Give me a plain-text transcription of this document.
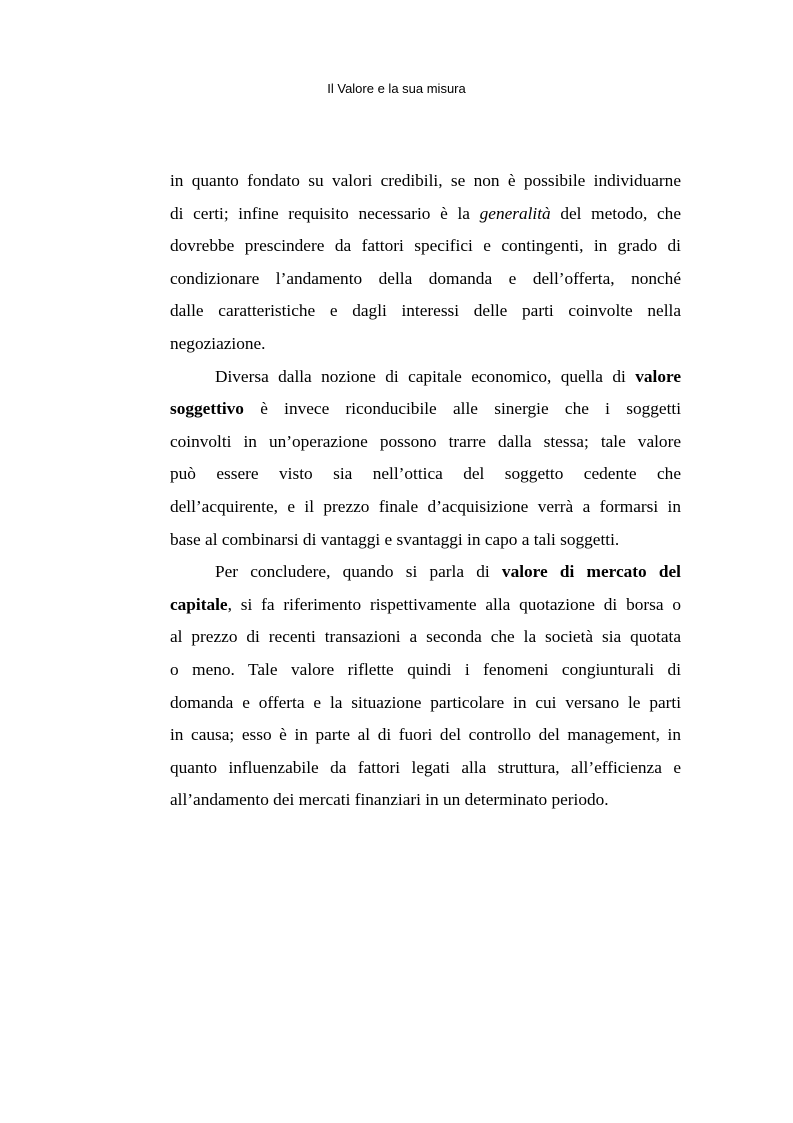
Il Valore e la sua misura
in quanto fondato su valori credibili, se non è possibile individuarne
di certi; infine requisito necessario è la generalità del metodo, che
dovrebbe prescindere da fattori specifici e contingenti, in grado di
condizionare l’andamento della domanda e dell’offerta, nonché
dalle caratteristiche e dagli interessi delle parti coinvolte nella
negoziazione.
Diversa dalla nozione di capitale economico, quella di valore
soggettivo è invece riconducibile alle sinergie che i soggetti
coinvolti in un’operazione possono trarre dalla stessa; tale valore
può essere visto sia nell’ottica del soggetto cedente che
dell’acquirente, e il prezzo finale d’acquisizione verrà a formarsi in
base al combinarsi di vantaggi e svantaggi in capo a tali soggetti.
Per concludere, quando si parla di valore di mercato del
capitale, si fa riferimento rispettivamente alla quotazione di borsa o
al prezzo di recenti transazioni a seconda che la società sia quotata
o meno. Tale valore riflette quindi i fenomeni congiunturali di
domanda e offerta e la situazione particolare in cui versano le parti
in causa; esso è in parte al di fuori del controllo del management, in
quanto influenzabile da fattori legati alla struttura, all’efficienza e
all’andamento dei mercati finanziari in un determinato periodo.
